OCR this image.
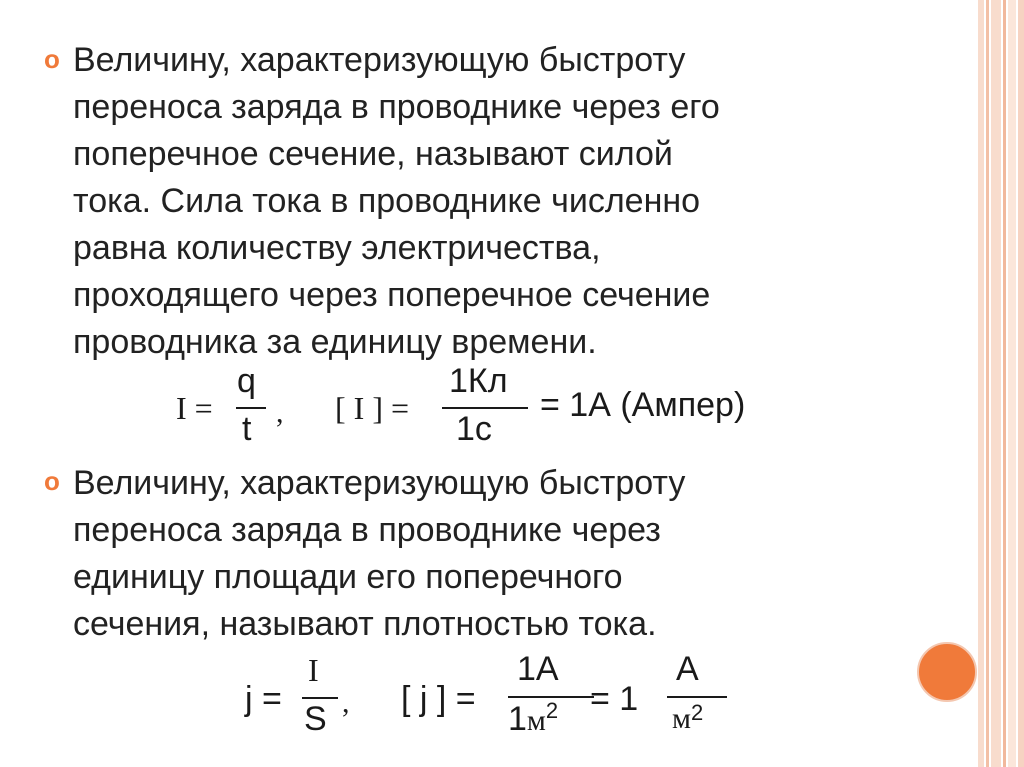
o
Величину, характеризующую быстроту
переноса заряда в проводнике через его
поперечное сечение, называют силой
тока. Сила тока в проводнике численно
равна количеству электричества,
проходящего через поперечное сечение
проводника за единицу времени.
I =
q
t , [ I ] =
1Кл
1с
= 1А (Ампер)
o
Величину, характеризующую быстроту
переноса заряда в проводнике через
единицу площади его поперечного
сечения, называют плотностью тока.
j =
I
S , [ j ] =
1А
1м2 = 1
А
м2
